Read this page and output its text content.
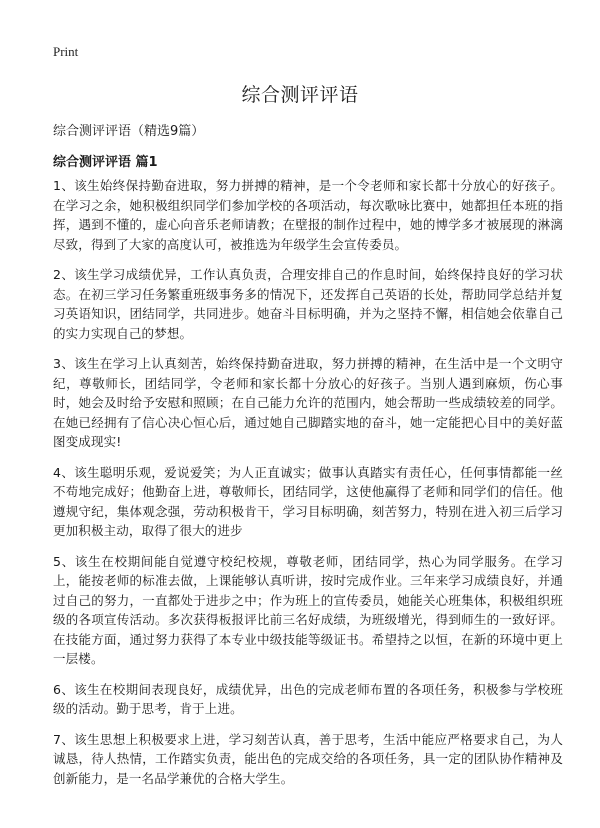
Print
综合测评评语

综合测评评语（精选9篇）

综合测评评语 篇1

1、该生始终保持勤奋进取，努力拼搏的精神，是一个令老师和家长都十分放心的好孩子。在学习之余，她积极组织同学们参加学校的各项活动，每次歌咏比赛中，她都担任本班的指挥，遇到不懂的，虚心向音乐老师请教；在壁报的制作过程中，她的博学多才被展现的淋漓尽致，得到了大家的高度认可，被推选为年级学生会宣传委员。

2、该生学习成绩优异，工作认真负责，合理安排自己的作息时间，始终保持良好的学习状态。在初三学习任务繁重班级事务多的情况下，还发挥自己英语的长处，帮助同学总结并复习英语知识，团结同学，共同进步。她奋斗目标明确，并为之坚持不懈，相信她会依靠自己的实力实现自己的梦想。

3、该生在学习上认真刻苦，始终保持勤奋进取，努力拼搏的精神，在生活中是一个文明守纪，尊敬师长，团结同学，令老师和家长都十分放心的好孩子。当别人遇到麻烦，伤心事时，她会及时给予安慰和照顾；在自己能力允许的范围内，她会帮助一些成绩较差的同学。在她已经拥有了信心决心恒心后，通过她自己脚踏实地的奋斗，她一定能把心目中的美好蓝图变成现实!

4、该生聪明乐观，爱说爱笑；为人正直诚实；做事认真踏实有责任心，任何事情都能一丝不苟地完成好；他勤奋上进，尊敬师长，团结同学，这使他赢得了老师和同学们的信任。他遵规守纪，集体观念强，劳动积极肯干，学习目标明确，刻苦努力，特别在进入初三后学习更加积极主动，取得了很大的进步

5、该生在校期间能自觉遵守校纪校规，尊敬老师，团结同学，热心为同学服务。在学习上，能按老师的标准去做，上课能够认真听讲，按时完成作业。三年来学习成绩良好，并通过自己的努力，一直都处于进步之中；作为班上的宣传委员，她能关心班集体，积极组织班级的各项宣传活动。多次获得板报评比前三名好成绩，为班级增光，得到师生的一致好评。在技能方面，通过努力获得了本专业中级技能等级证书。希望持之以恒，在新的环境中更上一层楼。

6、该生在校期间表现良好，成绩优异，出色的完成老师布置的各项任务，积极参与学校班级的活动。勤于思考，肯于上进。

7、该生思想上积极要求上进，学习刻苦认真，善于思考，生活中能应严格要求自己，为人诚恳，待人热情，工作踏实负责，能出色的完成交给的各项任务，具一定的团队协作精神及创新能力，是一名品学兼优的合格大学生。
